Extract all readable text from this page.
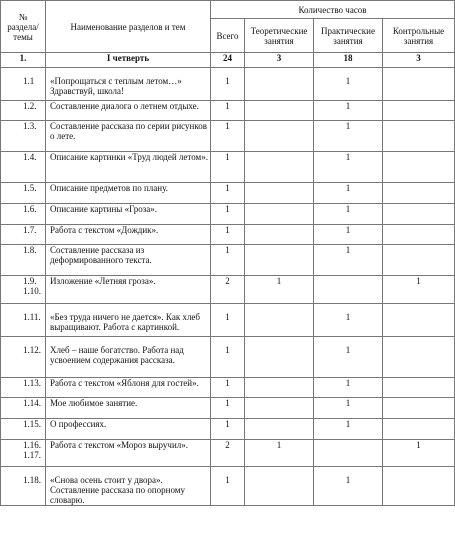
№ раздела/ темы	Наименование разделов и тем	Количество часов			
		Всего	Теоретические занятия	Практические занятия	Контрольные занятия
1.	I четверть	24	3	18	3
1.1	«Попрощаться с теплым летом…» Здравствуй, школа!	1		1	
1.2.	Составление диалога о летнем отдыхе.	1		1	
1.3.	Составление рассказа по серии рисунков о лете.	1		1	
1.4.	Описание картинки «Труд людей летом».	1		1	
1.5.	Описание предметов по плану.	1		1	
1.6.	Описание картины «Гроза».	1		1	
1.7.	Работа с текстом «Дождик».	1		1	
1.8.	Составление рассказа из деформированного текста.	1		1	
1.9. 1.10.	Изложение «Летняя гроза».	2	1		1
1.11.	«Без труда ничего не дается». Как хлеб выращивают. Работа с картинкой.	1		1	
1.12.	Хлеб – наше богатство. Работа над усвоением содержания рассказа.	1		1	
1.13.	Работа с текстом «Яблоня для гостей».	1		1	
1.14.	Мое любимое занятие.	1		1	
1.15.	О профессиях.	1		1	
1.16. 1.17.	Работа с текстом «Мороз выручил».	2	1		1
1.18.	«Снова осень стоит у двора». Составление рассказа по опорному словарю.	1		1	
